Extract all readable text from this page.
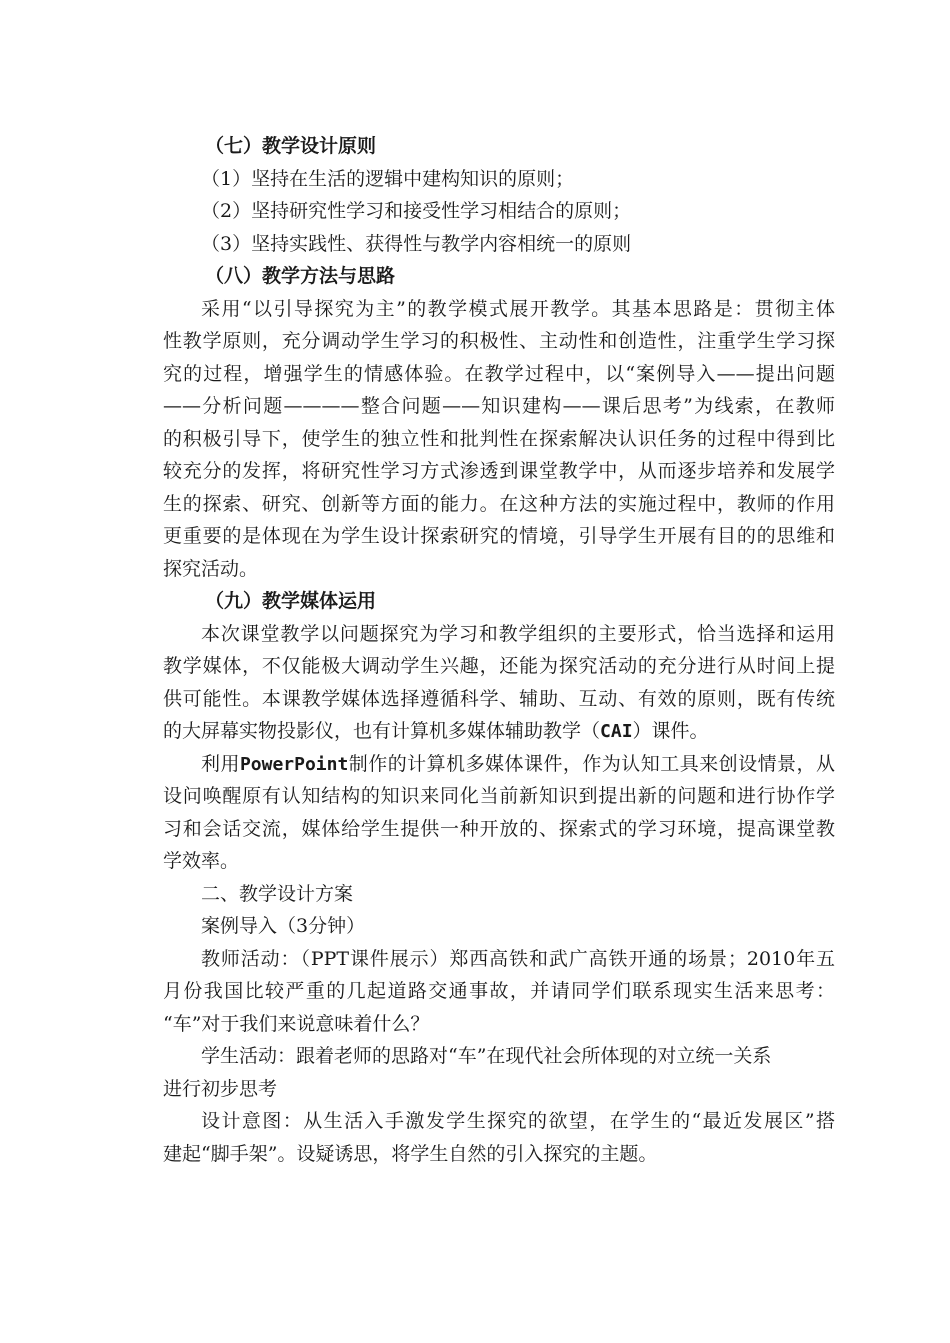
（七）教学设计原则

（1）坚持在生活的逻辑中建构知识的原则；

（2）坚持研究性学习和接受性学习相结合的原则；

（3）坚持实践性、获得性与教学内容相统一的原则

（八）教学方法与思路

采用“以引导探究为主”的教学模式展开教学。其基本思路是：贯彻主体

性教学原则，充分调动学生学习的积极性、主动性和创造性，注重学生学习探

究的过程，增强学生的情感体验。在教学过程中，以“案例导入——提出问题

——分析问题————整合问题——知识建构——课后思考”为线索，在教师

的积极引导下，使学生的独立性和批判性在探索解决认识任务的过程中得到比

较充分的发挥，将研究性学习方式渗透到课堂教学中，从而逐步培养和发展学

生的探索、研究、创新等方面的能力。在这种方法的实施过程中，教师的作用

更重要的是体现在为学生设计探索研究的情境，引导学生开展有目的的思维和

探究活动。

（九）教学媒体运用

本次课堂教学以问题探究为学习和教学组织的主要形式，恰当选择和运用

教学媒体，不仅能极大调动学生兴趣，还能为探究活动的充分进行从时间上提

供可能性。本课教学媒体选择遵循科学、辅助、互动、有效的原则，既有传统

的大屏幕实物投影仪，也有计算机多媒体辅助教学（CAI）课件。

利用PowerPoint制作的计算机多媒体课件，作为认知工具来创设情景，从

设问唤醒原有认知结构的知识来同化当前新知识到提出新的问题和进行协作学

习和会话交流，媒体给学生提供一种开放的、探索式的学习环境，提高课堂教

学效率。

二、教学设计方案

案例导入（3分钟）

教师活动：（PPT课件展示）郑西高铁和武广高铁开通的场景；2010年五

月份我国比较严重的几起道路交通事故，并请同学们联系现实生活来思考：

“车”对于我们来说意味着什么？

学生活动：跟着老师的思路对“车”在现代社会所体现的对立统一关系

进行初步思考

设计意图：从生活入手激发学生探究的欲望，在学生的“最近发展区”搭

建起“脚手架”。设疑诱思，将学生自然的引入探究的主题。
